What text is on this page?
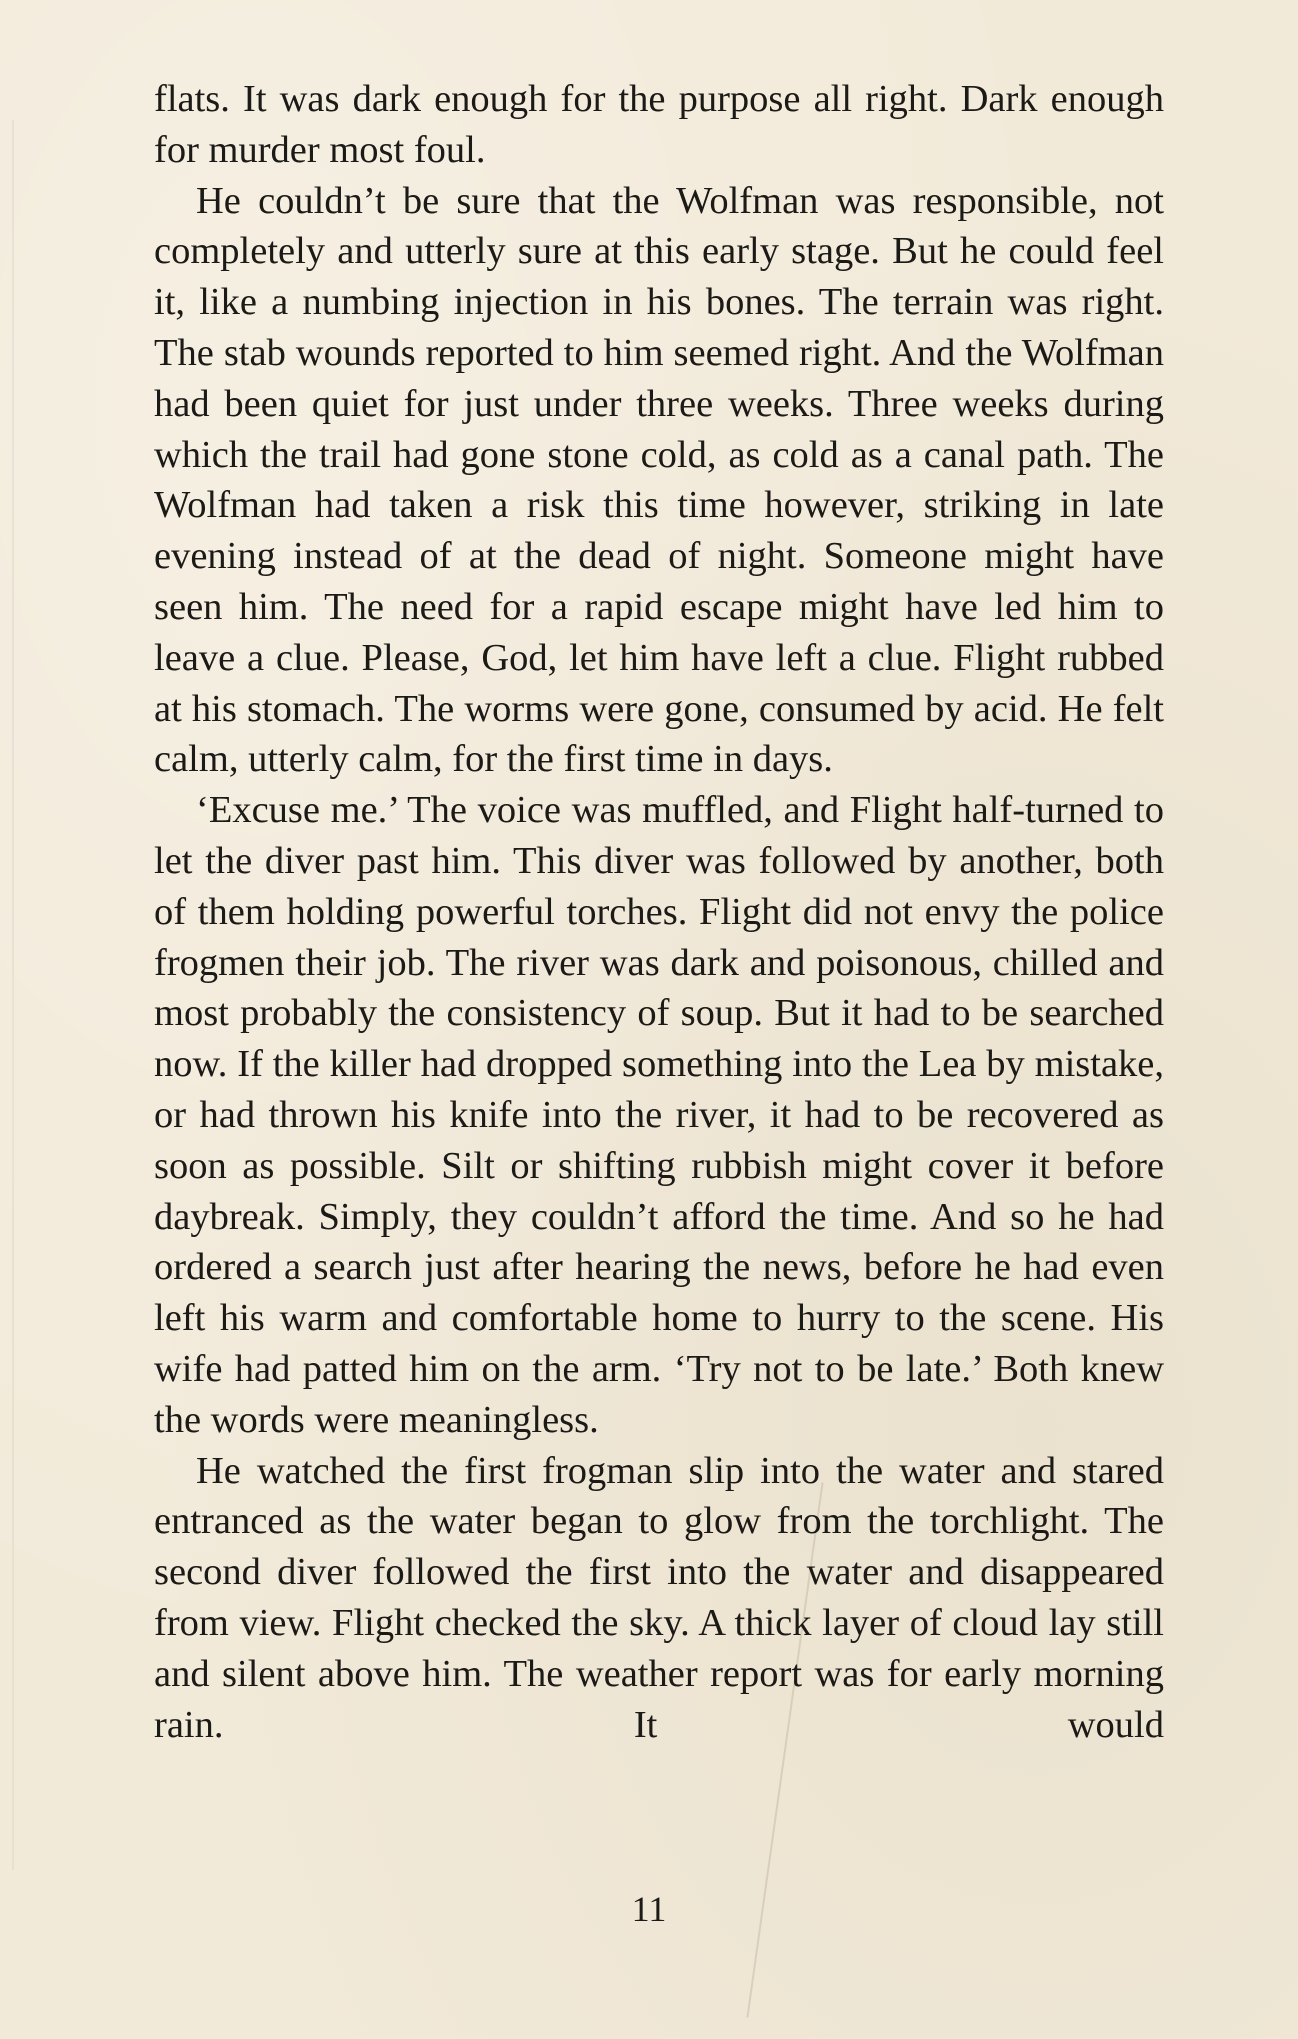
flats. It was dark enough for the purpose all right. Dark enough for murder most foul.

He couldn’t be sure that the Wolfman was responsible, not completely and utterly sure at this early stage. But he could feel it, like a numbing injection in his bones. The terrain was right. The stab wounds reported to him seemed right. And the Wolfman had been quiet for just under three weeks. Three weeks during which the trail had gone stone cold, as cold as a canal path. The Wolfman had taken a risk this time however, striking in late evening instead of at the dead of night. Someone might have seen him. The need for a rapid escape might have led him to leave a clue. Please, God, let him have left a clue. Flight rubbed at his stomach. The worms were gone, consumed by acid. He felt calm, utterly calm, for the first time in days.

‘Excuse me.’ The voice was muffled, and Flight half-turned to let the diver past him. This diver was followed by another, both of them holding powerful torches. Flight did not envy the police frogmen their job. The river was dark and poisonous, chilled and most probably the consistency of soup. But it had to be searched now. If the killer had dropped something into the Lea by mistake, or had thrown his knife into the river, it had to be recovered as soon as possible. Silt or shifting rubbish might cover it before daybreak. Simply, they couldn’t afford the time. And so he had ordered a search just after hearing the news, before he had even left his warm and comfortable home to hurry to the scene. His wife had patted him on the arm. ‘Try not to be late.’ Both knew the words were meaningless.

He watched the first frogman slip into the water and stared entranced as the water began to glow from the torchlight. The second diver followed the first into the water and disappeared from view. Flight checked the sky. A thick layer of cloud lay still and silent above him. The weather report was for early morning rain. It would

11
